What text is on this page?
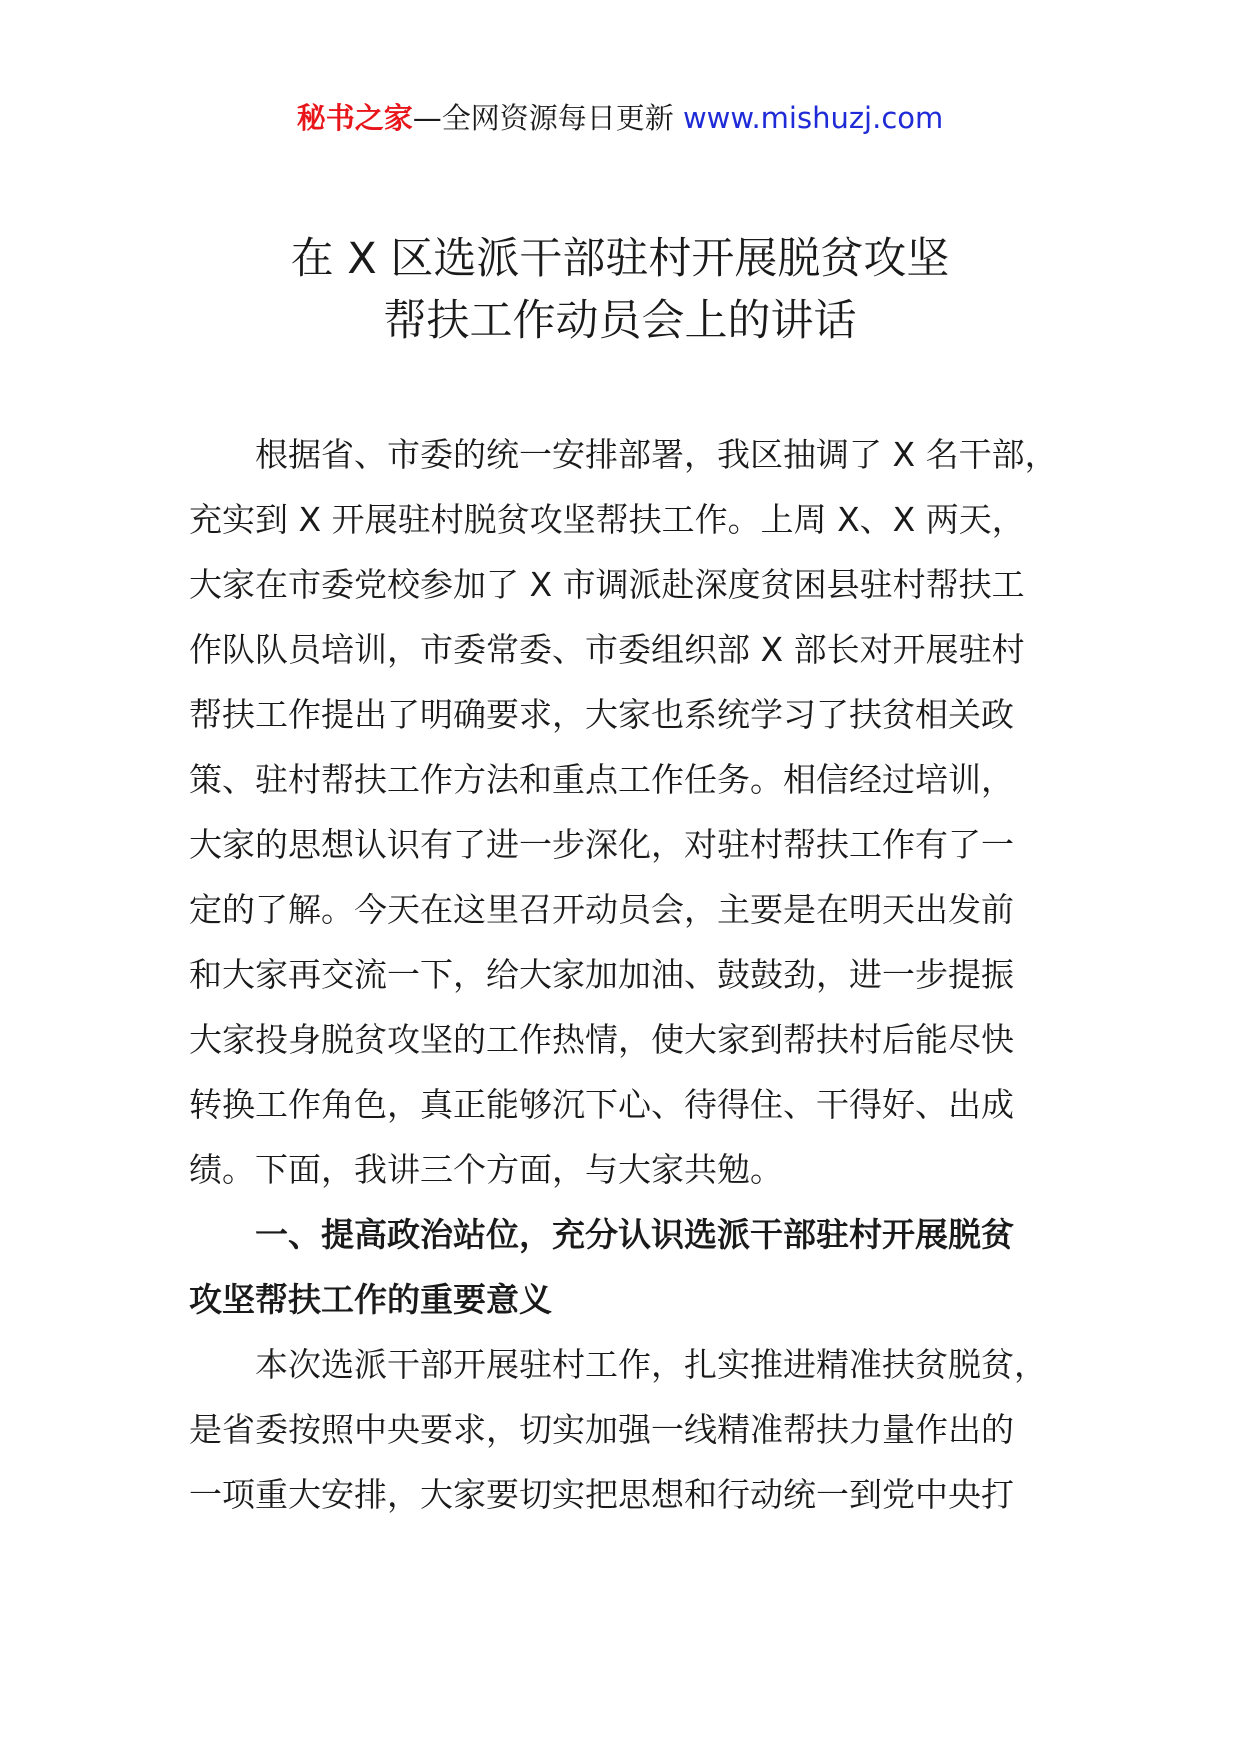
秘书之家—全网资源每日更新 www.mishuzj.com
在 X 区选派干部驻村开展脱贫攻坚
帮扶工作动员会上的讲话
根据省、市委的统一安排部署，我区抽调了 X 名干部，
充实到 X 开展驻村脱贫攻坚帮扶工作。上周 X、X 两天，
大家在市委党校参加了 X 市调派赴深度贫困县驻村帮扶工
作队队员培训，市委常委、市委组织部 X 部长对开展驻村
帮扶工作提出了明确要求，大家也系统学习了扶贫相关政
策、驻村帮扶工作方法和重点工作任务。相信经过培训，
大家的思想认识有了进一步深化，对驻村帮扶工作有了一
定的了解。今天在这里召开动员会，主要是在明天出发前
和大家再交流一下，给大家加加油、鼓鼓劲，进一步提振
大家投身脱贫攻坚的工作热情，使大家到帮扶村后能尽快
转换工作角色，真正能够沉下心、待得住、干得好、出成
绩。下面，我讲三个方面，与大家共勉。
一、提高政治站位，充分认识选派干部驻村开展脱贫
攻坚帮扶工作的重要意义
本次选派干部开展驻村工作，扎实推进精准扶贫脱贫，
是省委按照中央要求，切实加强一线精准帮扶力量作出的
一项重大安排，大家要切实把思想和行动统一到党中央打
